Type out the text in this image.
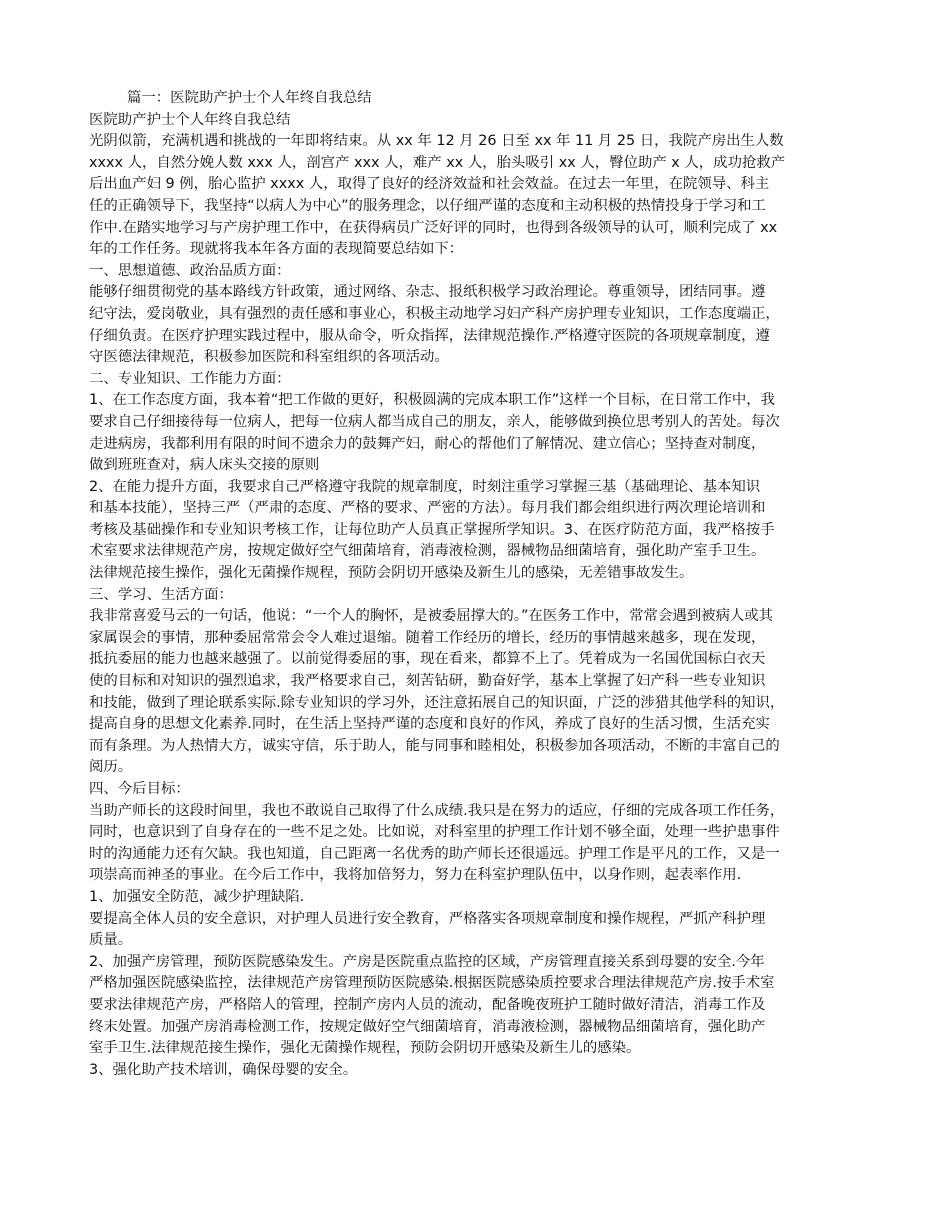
篇一：医院助产护士个人年终自我总结
医院助产护士个人年终自我总结
光阴似箭，充满机遇和挑战的一年即将结束。从 xx 年 12 月 26 日至 xx 年 11 月 25 日，我院产房出生人数
xxxx 人，自然分娩人数 xxx 人，剖宫产 xxx 人，难产 xx 人，胎头吸引 xx 人，臀位助产 x 人，成功抢救产
后出血产妇 9 例，胎心监护 xxxx 人，取得了良好的经济效益和社会效益。在过去一年里，在院领导、科主
任的正确领导下，我坚持“以病人为中心”的服务理念，以仔细严谨的态度和主动积极的热情投身于学习和工
作中.在踏实地学习与产房护理工作中，在获得病员广泛好评的同时，也得到各级领导的认可，顺利完成了 xx
年的工作任务。现就将我本年各方面的表现简要总结如下：
一、思想道德、政治品质方面：
能够仔细贯彻党的基本路线方针政策，通过网络、杂志、报纸积极学习政治理论。尊重领导，团结同事。遵
纪守法，爱岗敬业，具有强烈的责任感和事业心，积极主动地学习妇产科产房护理专业知识，工作态度端正，
仔细负责。在医疗护理实践过程中，服从命令，听众指挥，法律规范操作.严格遵守医院的各项规章制度，遵
守医德法律规范，积极参加医院和科室组织的各项活动。
二、专业知识、工作能力方面：
1、在工作态度方面，我本着“把工作做的更好，积极圆满的完成本职工作”这样一个目标，在日常工作中，我
要求自己仔细接待每一位病人，把每一位病人都当成自己的朋友，亲人，能够做到换位思考别人的苦处。每次
走进病房，我都利用有限的时间不遗余力的鼓舞产妇，耐心的帮他们了解情况、建立信心；坚持查对制度，
做到班班查对，病人床头交接的原则
2、在能力提升方面，我要求自己严格遵守我院的规章制度，时刻注重学习掌握三基（基础理论、基本知识
和基本技能），坚持三严（严肃的态度、严格的要求、严密的方法）。每月我们都会组织进行两次理论培训和
考核及基础操作和专业知识考核工作，让每位助产人员真正掌握所学知识。3、在医疗防范方面，我严格按手
术室要求法律规范产房，按规定做好空气细菌培育，消毒液检测，器械物品细菌培育，强化助产室手卫生。
法律规范接生操作，强化无菌操作规程，预防会阴切开感染及新生儿的感染，无差错事故发生。
三、学习、生活方面：
我非常喜爱马云的一句话，他说：“一个人的胸怀，是被委屈撑大的。”在医务工作中，常常会遇到被病人或其
家属误会的事情，那种委屈常常会令人难过退缩。随着工作经历的增长，经历的事情越来越多，现在发现，
抵抗委屈的能力也越来越强了。以前觉得委屈的事，现在看来，都算不上了。凭着成为一名国优国标白衣天
使的目标和对知识的强烈追求，我严格要求自己，刻苦钻研，勤奋好学，基本上掌握了妇产科一些专业知识
和技能，做到了理论联系实际.除专业知识的学习外，还注意拓展自己的知识面，广泛的涉猎其他学科的知识，
提高自身的思想文化素养.同时，在生活上坚持严谨的态度和良好的作风，养成了良好的生活习惯，生活充实
而有条理。为人热情大方，诚实守信，乐于助人，能与同事和睦相处，积极参加各项活动，不断的丰富自己的
阅历。
四、今后目标：
当助产师长的这段时间里，我也不敢说自己取得了什么成绩.我只是在努力的适应，仔细的完成各项工作任务，
同时，也意识到了自身存在的一些不足之处。比如说，对科室里的护理工作计划不够全面，处理一些护患事件
时的沟通能力还有欠缺。我也知道，自己距离一名优秀的助产师长还很遥远。护理工作是平凡的工作，又是一
项崇高而神圣的事业。在今后工作中，我将加倍努力，努力在科室护理队伍中，以身作则，起表率作用.
1、加强安全防范，减少护理缺陷.
要提高全体人员的安全意识，对护理人员进行安全教育，严格落实各项规章制度和操作规程，严抓产科护理
质量。
2、加强产房管理，预防医院感染发生。产房是医院重点监控的区域，产房管理直接关系到母婴的安全.今年
严格加强医院感染监控，法律规范产房管理预防医院感染.根据医院感染质控要求合理法律规范产房.按手术室
要求法律规范产房，严格陪人的管理，控制产房内人员的流动，配备晚夜班护工随时做好清洁，消毒工作及
终末处置。加强产房消毒检测工作，按规定做好空气细菌培育，消毒液检测，器械物品细菌培育，强化助产
室手卫生.法律规范接生操作，强化无菌操作规程，预防会阴切开感染及新生儿的感染。
3、强化助产技术培训，确保母婴的安全。
